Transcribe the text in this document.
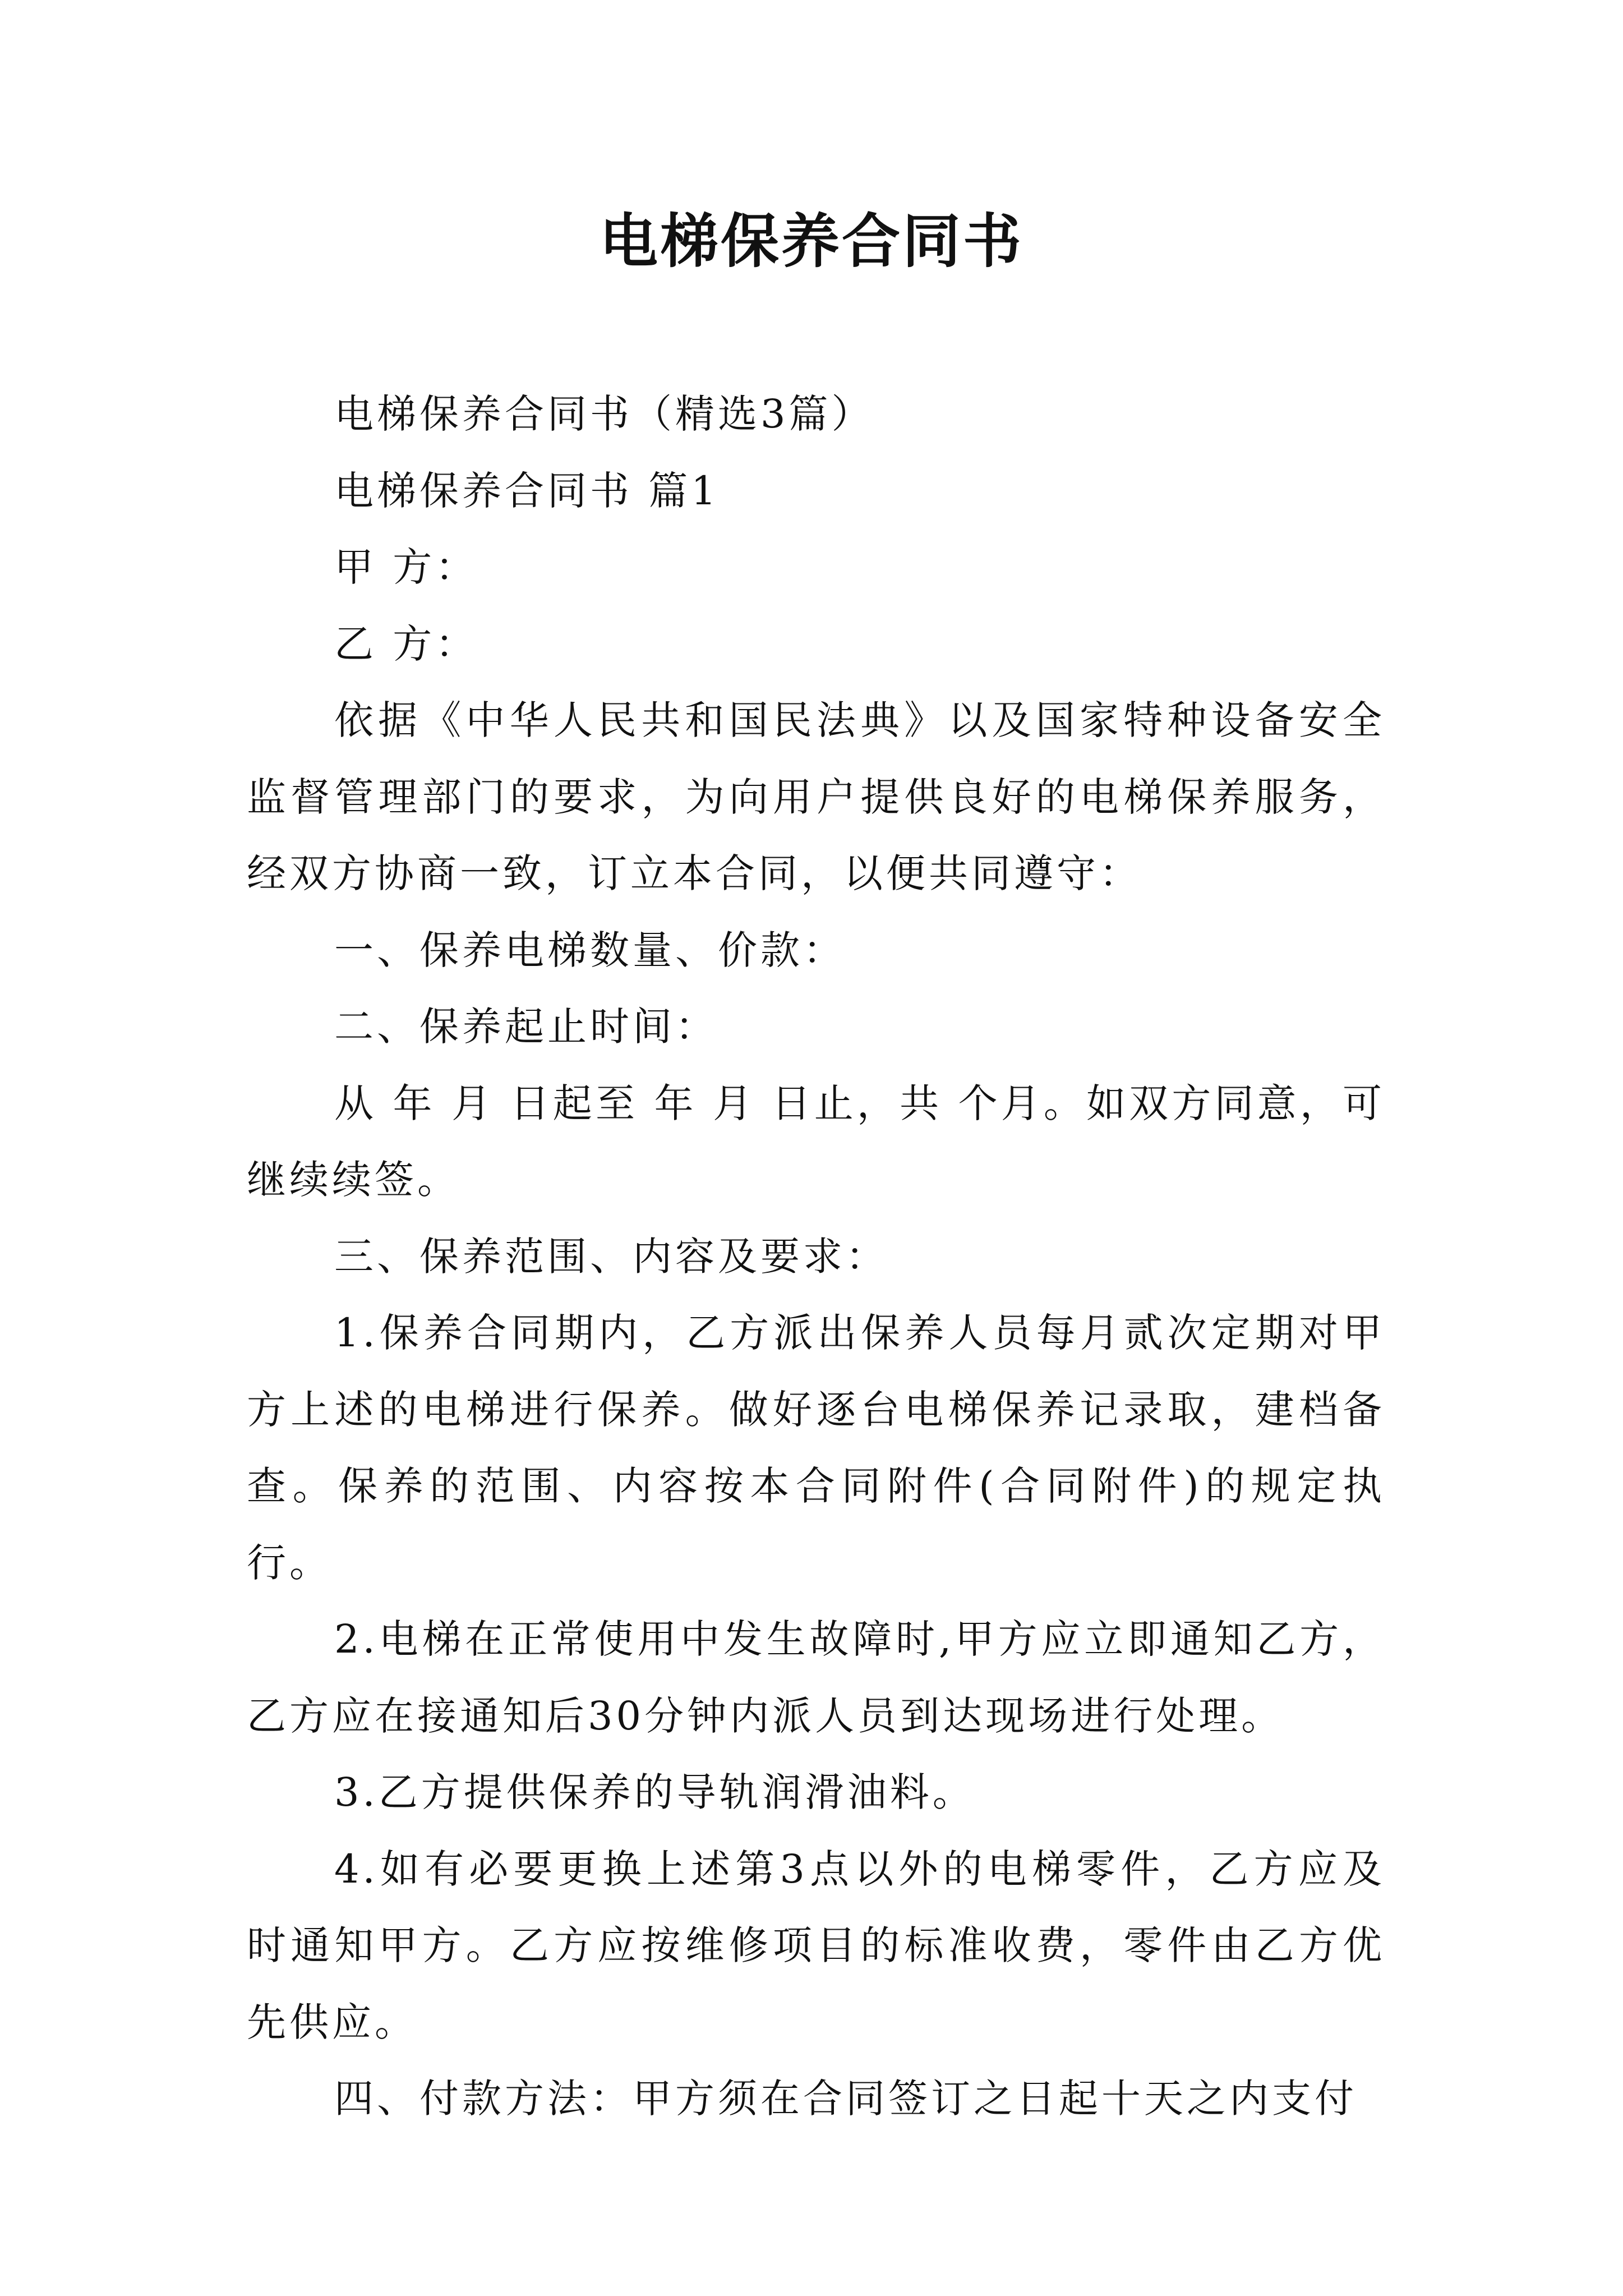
电梯保养合同书

电梯保养合同书（精选3篇）

电梯保养合同书 篇1

甲 方：

乙 方：

依据《中华人民共和国民法典》以及国家特种设备安全监督管理部门的要求，为向用户提供良好的电梯保养服务，经双方协商一致，订立本合同，以便共同遵守：

一、保养电梯数量、价款：

二、保养起止时间：

从 年 月 日起至 年 月 日止，共 个月。如双方同意，可继续续签。

三、保养范围、内容及要求：

1.保养合同期内，乙方派出保养人员每月贰次定期对甲方上述的电梯进行保养。做好逐台电梯保养记录取，建档备查。保养的范围、内容按本合同附件(合同附件)的规定执行。

2.电梯在正常使用中发生故障时,甲方应立即通知乙方，乙方应在接通知后30分钟内派人员到达现场进行处理。

3.乙方提供保养的导轨润滑油料。

4.如有必要更换上述第3点以外的电梯零件，乙方应及时通知甲方。乙方应按维修项目的标准收费，零件由乙方优先供应。

四、付款方法：甲方须在合同签订之日起十天之内支付
